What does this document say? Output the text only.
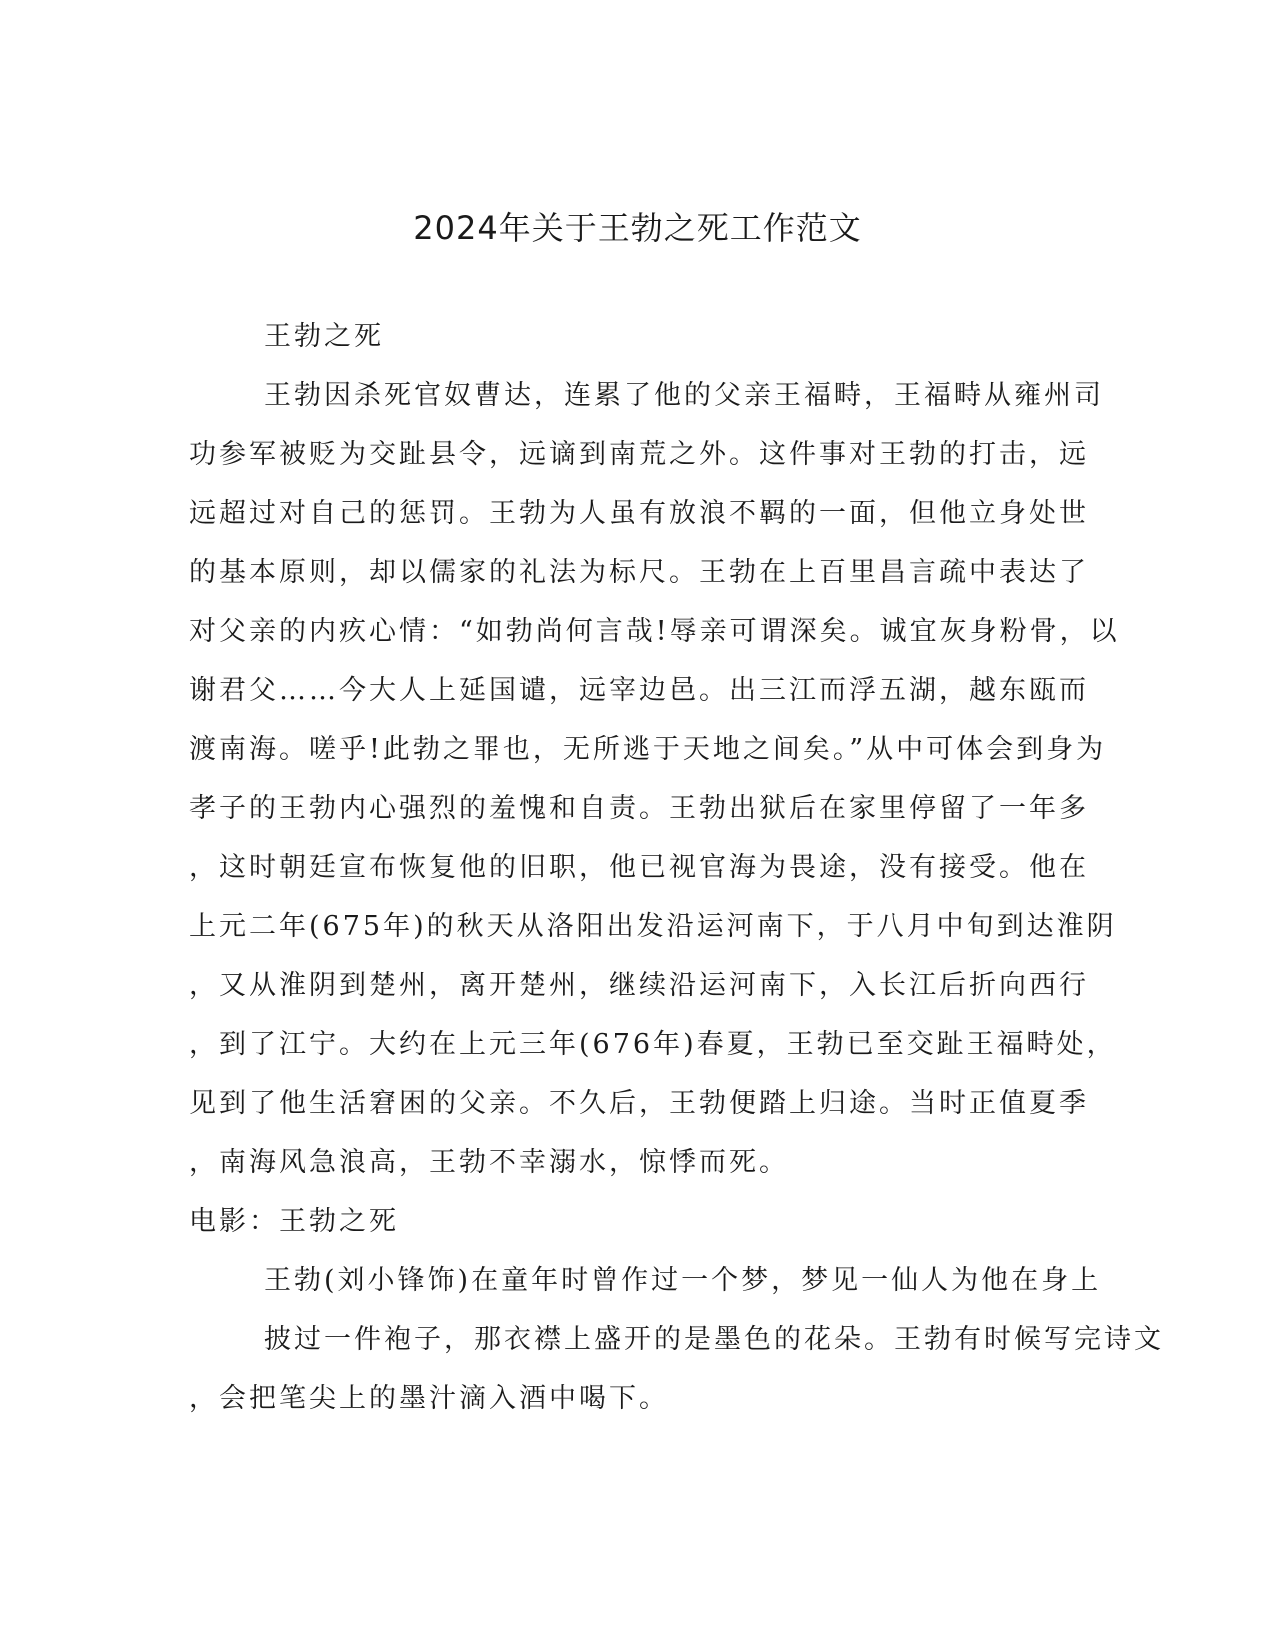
2024年关于王勃之死工作范文
王勃之死
王勃因杀死官奴曹达，连累了他的父亲王福畤，王福畤从雍州司
功参军被贬为交趾县令，远谪到南荒之外。这件事对王勃的打击，远
远超过对自己的惩罚。王勃为人虽有放浪不羁的一面，但他立身处世
的基本原则，却以儒家的礼法为标尺。王勃在上百里昌言疏中表达了
对父亲的内疚心情：“如勃尚何言哉!辱亲可谓深矣。诚宜灰身粉骨，以
谢君父……今大人上延国谴，远宰边邑。出三江而浮五湖，越东瓯而
渡南海。嗟乎!此勃之罪也，无所逃于天地之间矣。”从中可体会到身为
孝子的王勃内心强烈的羞愧和自责。王勃出狱后在家里停留了一年多
，这时朝廷宣布恢复他的旧职，他已视官海为畏途，没有接受。他在
上元二年(675年)的秋天从洛阳出发沿运河南下，于八月中旬到达淮阴
，又从淮阴到楚州，离开楚州，继续沿运河南下，入长江后折向西行
，到了江宁。大约在上元三年(676年)春夏，王勃已至交趾王福畤处，
见到了他生活窘困的父亲。不久后，王勃便踏上归途。当时正值夏季
，南海风急浪高，王勃不幸溺水，惊悸而死。
电影：王勃之死
王勃(刘小锋饰)在童年时曾作过一个梦，梦见一仙人为他在身上
披过一件袍子，那衣襟上盛开的是墨色的花朵。王勃有时候写完诗文
，会把笔尖上的墨汁滴入酒中喝下。
